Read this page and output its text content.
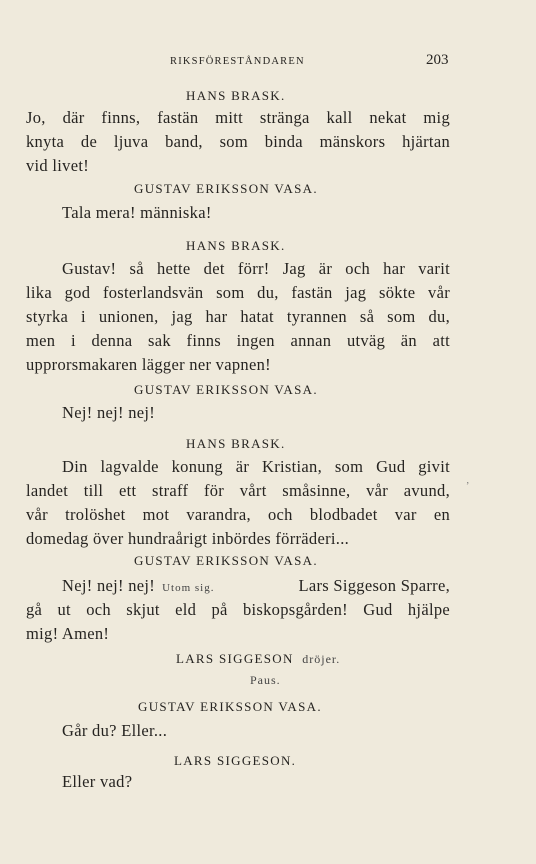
RIKSFÖRESTÅNDAREN	203
HANS BRASK.
Jo, där finns, fastän mitt stränga kall nekat mig
knyta de ljuva band, som binda mänskors hjärtan
vid livet!
GUSTAV ERIKSSON VASA.
Tala mera! människa!
HANS BRASK.
Gustav! så hette det förr! Jag är och har varit
lika god fosterlandsvän som du, fastän jag sökte vår
styrka i unionen, jag har hatat tyrannen så som du,
men i denna sak finns ingen annan utväg än att
upprorsmakaren lägger ner vapnen!
GUSTAV ERIKSSON VASA.
Nej! nej! nej!
HANS BRASK.
Din lagvalde konung är Kristian, som Gud givit
landet till ett straff för vårt småsinne, vår avund,
vår trolöshet mot varandra, och blodbadet var en
domedag över hundraårigt inbördes förräderi...
ʼ
GUSTAV ERIKSSON VASA.
Nej! nej! nej! Utom sig.	Lars Siggeson Sparre,
gå ut och skjut eld på biskopsgården! Gud hjälpe
mig! Amen!
LARS SIGGESON dröjer.
Paus.
GUSTAV ERIKSSON VASA.
Går du? Eller...
LARS SIGGESON.
Eller vad?
